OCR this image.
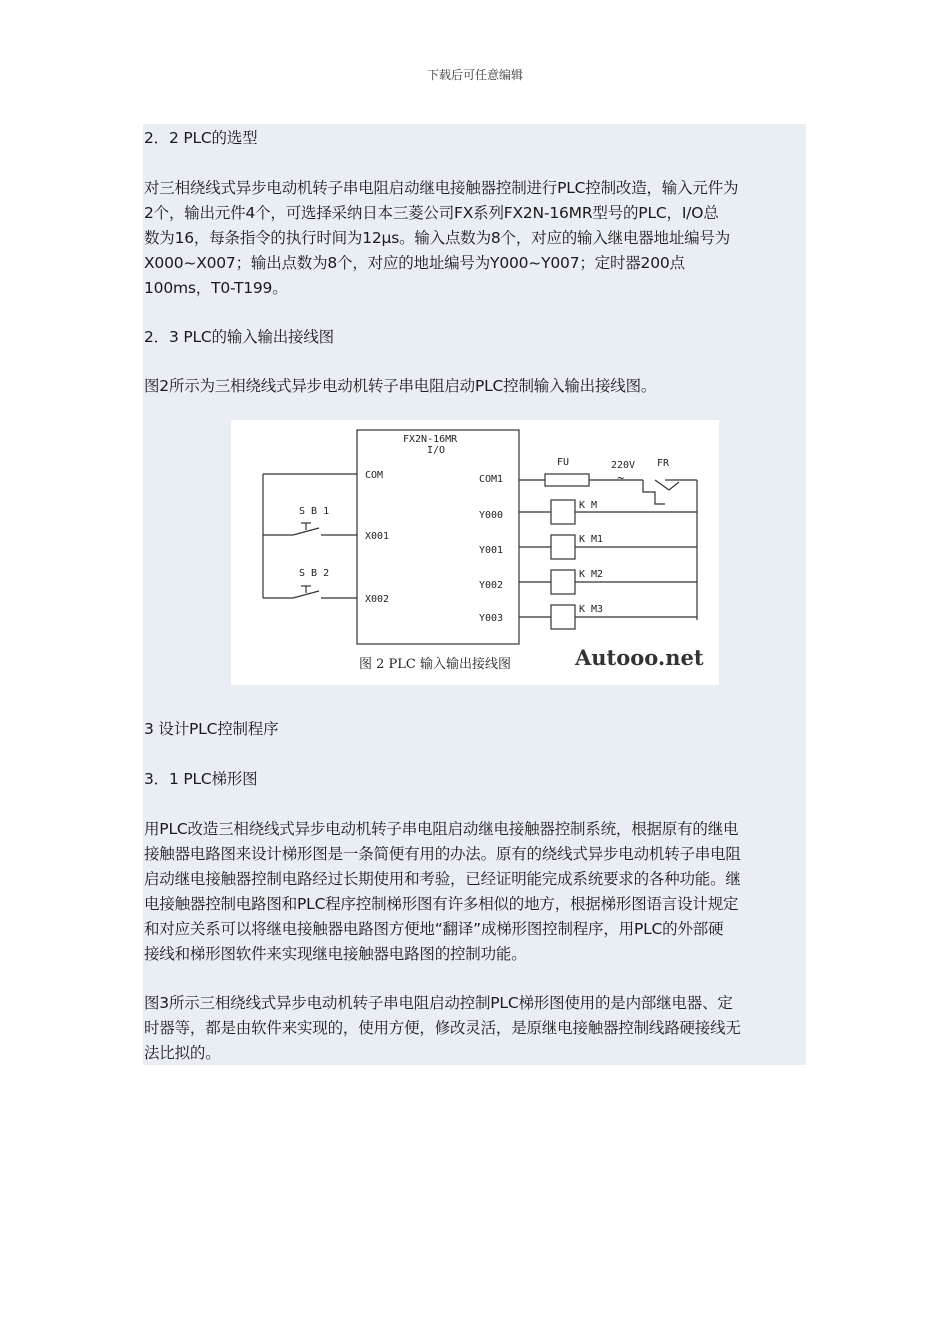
下载后可任意编辑
2．2 PLC的选型
对三相绕线式异步电动机转子串电阻启动继电接触器控制进行PLC控制改造，输入元件为
2个，输出元件4个，可选择采纳日本三菱公司FX系列FX2N-16MR型号的PLC，I/O总
数为16，每条指令的执行时间为12μs。输入点数为8个，对应的输入继电器地址编号为
X000~X007；输出点数为8个，对应的地址编号为Y000~Y007；定时器200点
100ms，T0-T199。
2．3 PLC的输入输出接线图
图2所示为三相绕线式异步电动机转子串电阻启动PLC控制输入输出接线图。
FX2N-16MR
I/O
COM
X001
X002
COM1
Y000
Y001
Y002
Y003
S B 1
S B 2
FU	220V
~
FR
K M
K M1
K M2
K M3
图 2 PLC 输入输出接线图	Autooo.net
3 设计PLC控制程序
3．1 PLC梯形图
用PLC改造三相绕线式异步电动机转子串电阻启动继电接触器控制系统，根据原有的继电
接触器电路图来设计梯形图是一条简便有用的办法。原有的绕线式异步电动机转子串电阻
启动继电接触器控制电路经过长期使用和考验，已经证明能完成系统要求的各种功能。继
电接触器控制电路图和PLC程序控制梯形图有许多相似的地方，根据梯形图语言设计规定
和对应关系可以将继电接触器电路图方便地“翻译”成梯形图控制程序，用PLC的外部硬
接线和梯形图软件来实现继电接触器电路图的控制功能。
图3所示三相绕线式异步电动机转子串电阻启动控制PLC梯形图使用的是内部继电器、定
时器等，都是由软件来实现的，使用方便，修改灵活，是原继电接触器控制线路硬接线无
法比拟的。
